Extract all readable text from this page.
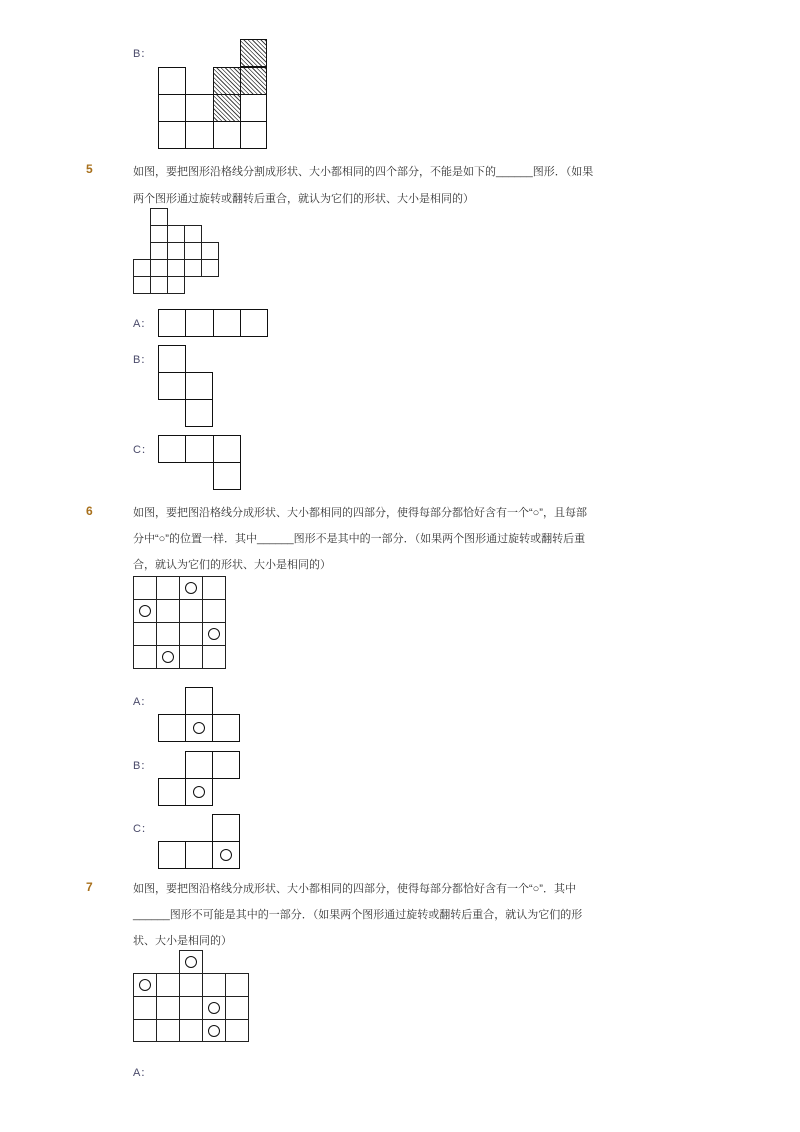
B：
5	如图，要把图形沿格线分割成形状、大小都相同的四个部分，不能是如下的______图形．（如果
两个图形通过旋转或翻转后重合，就认为它们的形状、大小是相同的）
A：
B：
C：
6	如图，要把图沿格线分成形状、大小都相同的四部分，使得每部分都恰好含有一个“○”，且每部
分中“○”的位置一样．其中______图形不是其中的一部分．（如果两个图形通过旋转或翻转后重
合，就认为它们的形状、大小是相同的）
A：
B：
C：
7	如图，要把图沿格线分成形状、大小都相同的四部分，使得每部分都恰好含有一个“○”．其中
______图形不可能是其中的一部分．（如果两个图形通过旋转或翻转后重合，就认为它们的形
状、大小是相同的）
A：
